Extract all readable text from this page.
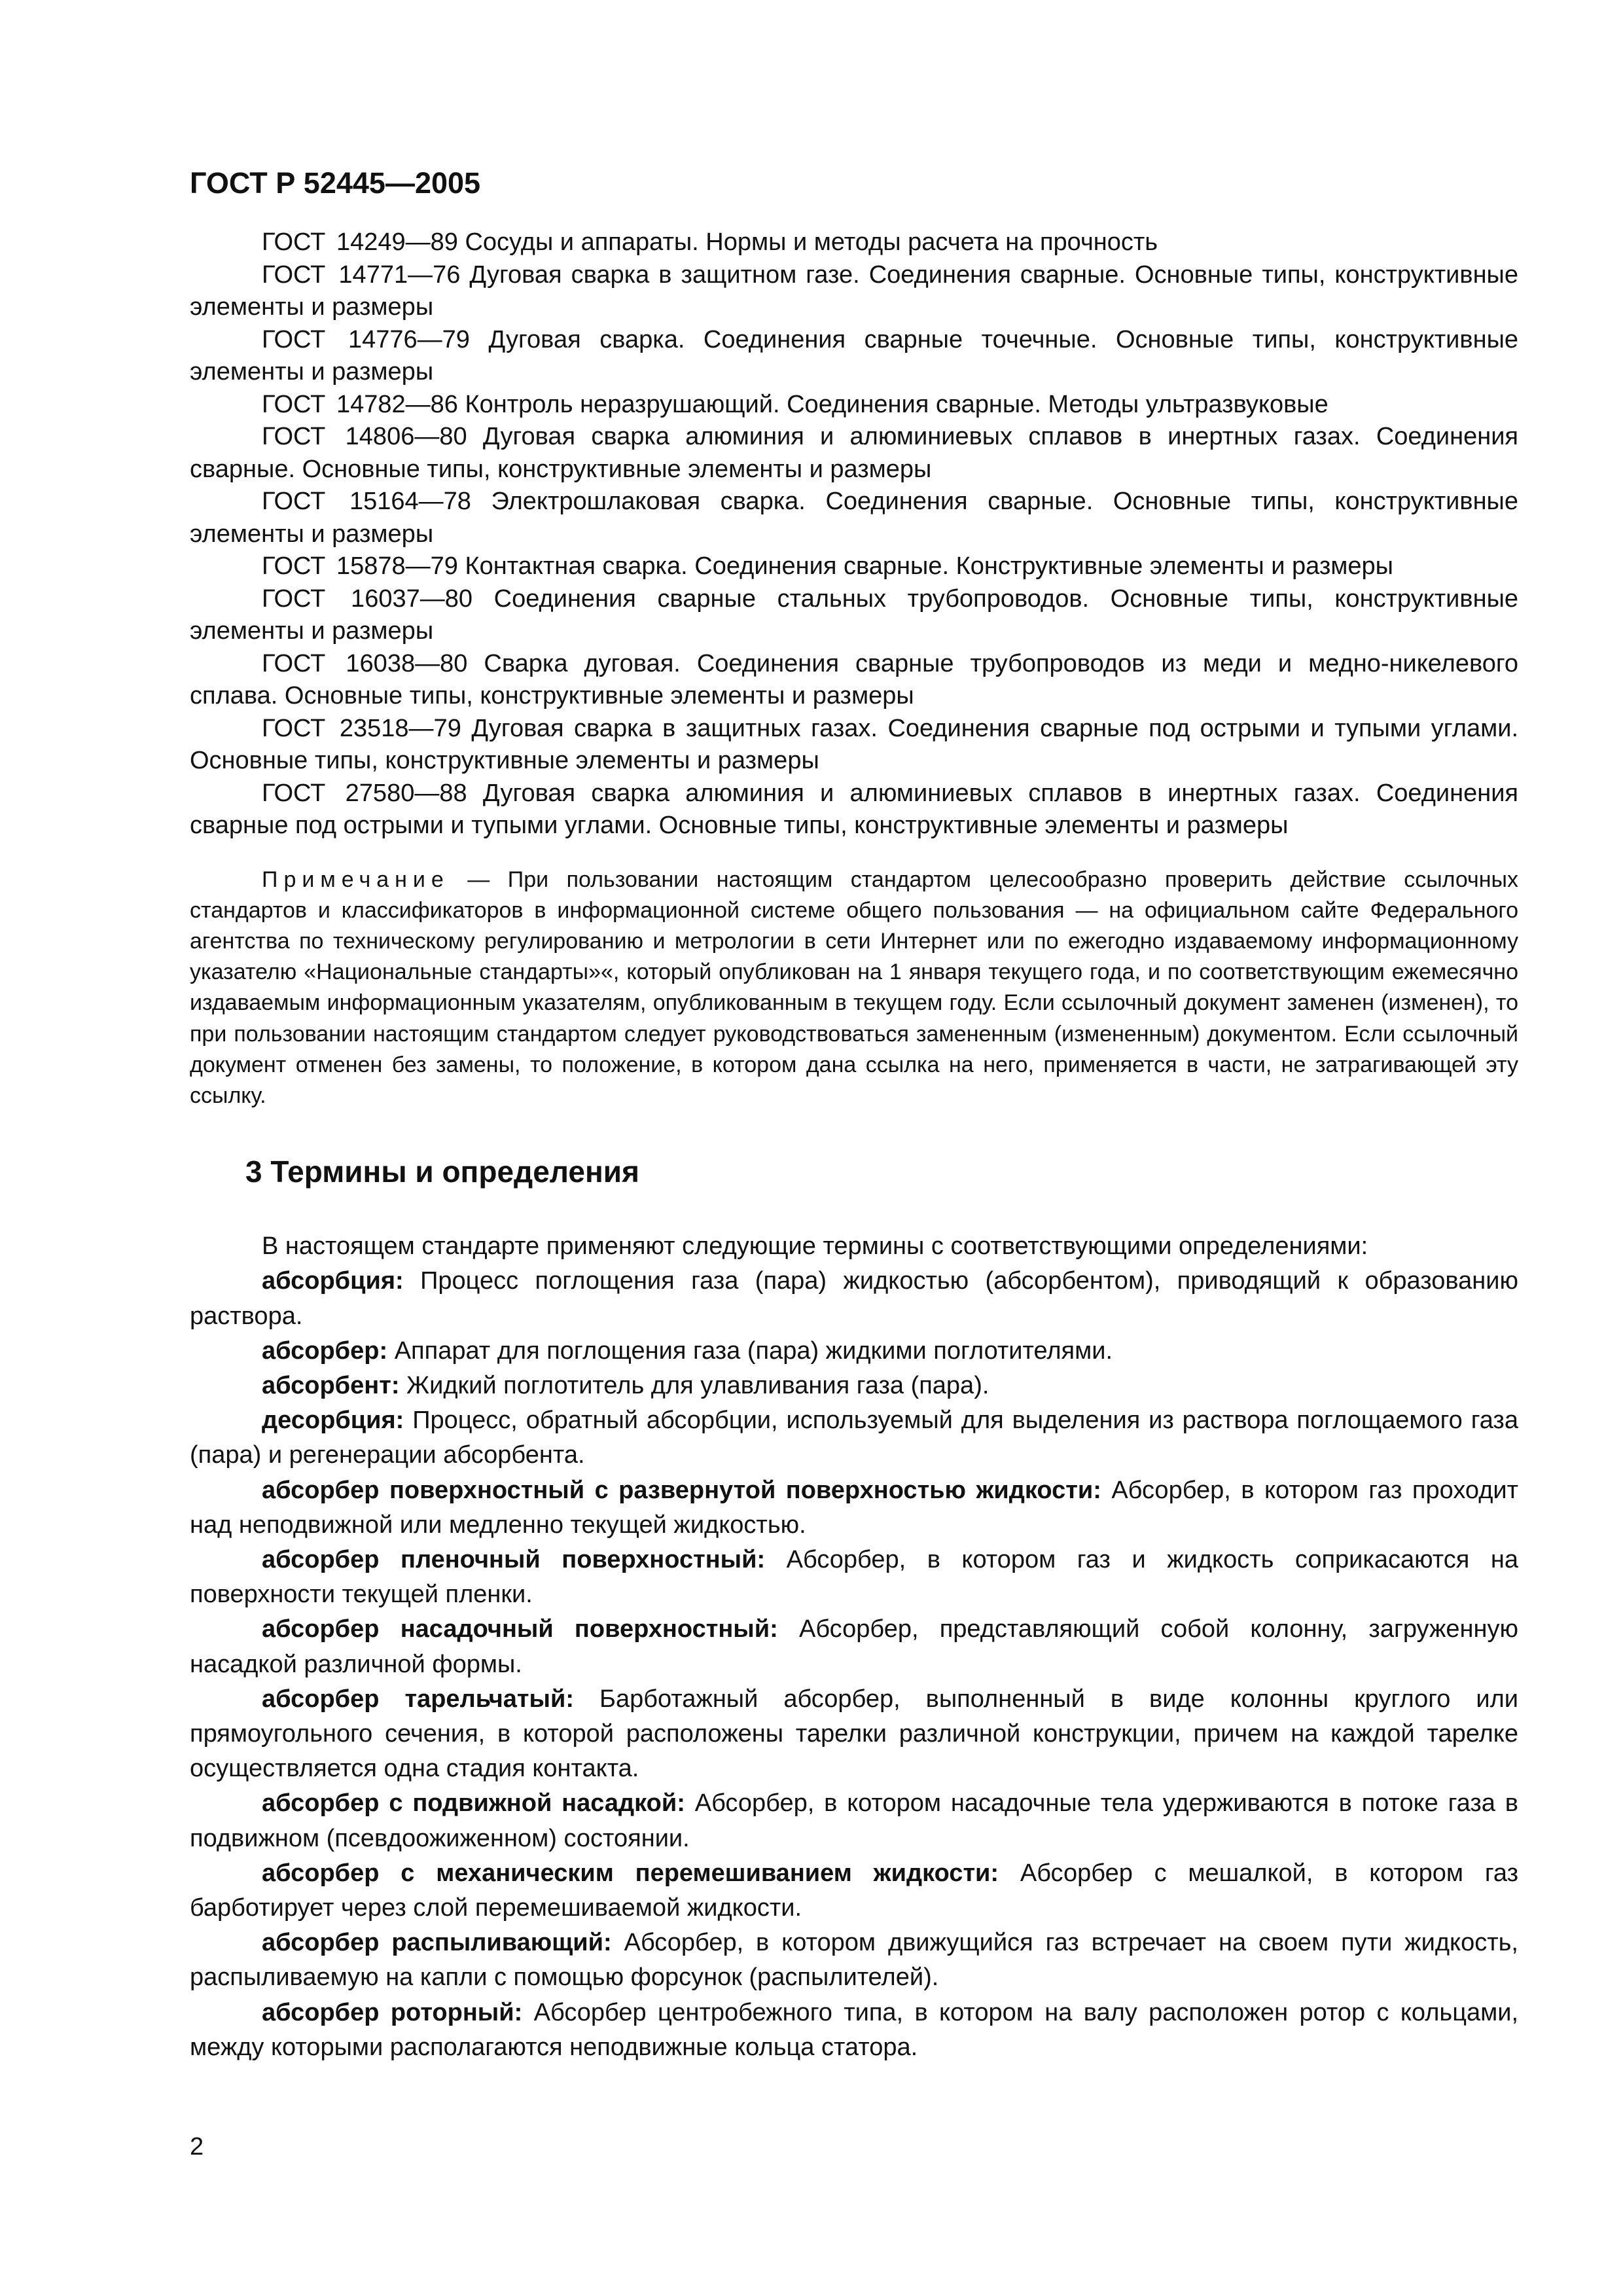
ГОСТ Р 52445—2005

ГОСТ 14249—89 Сосуды и аппараты. Нормы и методы расчета на прочность

ГОСТ 14771—76 Дуговая сварка в защитном газе. Соединения сварные. Основные типы, конструктивные элементы и размеры

ГОСТ 14776—79 Дуговая сварка. Соединения сварные точечные. Основные типы, конструктивные элементы и размеры

ГОСТ 14782—86 Контроль неразрушающий. Соединения сварные. Методы ультразвуковые

ГОСТ 14806—80 Дуговая сварка алюминия и алюминиевых сплавов в инертных газах. Соединения сварные. Основные типы, конструктивные элементы и размеры

ГОСТ 15164—78 Электрошлаковая сварка. Соединения сварные. Основные типы, конструктивные элементы и размеры

ГОСТ 15878—79 Контактная сварка. Соединения сварные. Конструктивные элементы и размеры

ГОСТ 16037—80 Соединения сварные стальных трубопроводов. Основные типы, конструктивные элементы и размеры

ГОСТ 16038—80 Сварка дуговая. Соединения сварные трубопроводов из меди и медно-никелевого сплава. Основные типы, конструктивные элементы и размеры

ГОСТ 23518—79 Дуговая сварка в защитных газах. Соединения сварные под острыми и тупыми углами. Основные типы, конструктивные элементы и размеры

ГОСТ 27580—88 Дуговая сварка алюминия и алюминиевых сплавов в инертных газах. Соединения сварные под острыми и тупыми углами. Основные типы, конструктивные элементы и размеры

Примечание — При пользовании настоящим стандартом целесообразно проверить действие ссылочных стандартов и классификаторов в информационной системе общего пользования — на официальном сайте Федерального агентства по техническому регулированию и метрологии в сети Интернет или по ежегодно издаваемому информационному указателю «Национальные стандарты»«, который опубликован на 1 января текущего года, и по соответствующим ежемесячно издаваемым информационным указателям, опубликованным в текущем году. Если ссылочный документ заменен (изменен), то при пользовании настоящим стандартом следует руководствоваться замененным (измененным) документом. Если ссылочный документ отменен без замены, то положение, в котором дана ссылка на него, применяется в части, не затрагивающей эту ссылку.

3 Термины и определения

В настоящем стандарте применяют следующие термины с соответствующими определениями:

абсорбция: Процесс поглощения газа (пара) жидкостью (абсорбентом), приводящий к образованию раствора.

абсорбер: Аппарат для поглощения газа (пара) жидкими поглотителями.

абсорбент: Жидкий поглотитель для улавливания газа (пара).

десорбция: Процесс, обратный абсорбции, используемый для выделения из раствора поглощаемого газа (пара) и регенерации абсорбента.

абсорбер поверхностный с развернутой поверхностью жидкости: Абсорбер, в котором газ проходит над неподвижной или медленно текущей жидкостью.

абсорбер пленочный поверхностный: Абсорбер, в котором газ и жидкость соприкасаются на поверхности текущей пленки.

абсорбер насадочный поверхностный: Абсорбер, представляющий собой колонну, загруженную насадкой различной формы.

абсорбер тарельчатый: Барботажный абсорбер, выполненный в виде колонны круглого или прямоугольного сечения, в которой расположены тарелки различной конструкции, причем на каждой тарелке осуществляется одна стадия контакта.

абсорбер с подвижной насадкой: Абсорбер, в котором насадочные тела удерживаются в потоке газа в подвижном (псевдоожиженном) состоянии.

абсорбер с механическим перемешиванием жидкости: Абсорбер с мешалкой, в котором газ барботирует через слой перемешиваемой жидкости.

абсорбер распыливающий: Абсорбер, в котором движущийся газ встречает на своем пути жидкость, распыливаемую на капли с помощью форсунок (распылителей).

абсорбер роторный: Абсорбер центробежного типа, в котором на валу расположен ротор с кольцами, между которыми располагаются неподвижные кольца статора.

2
